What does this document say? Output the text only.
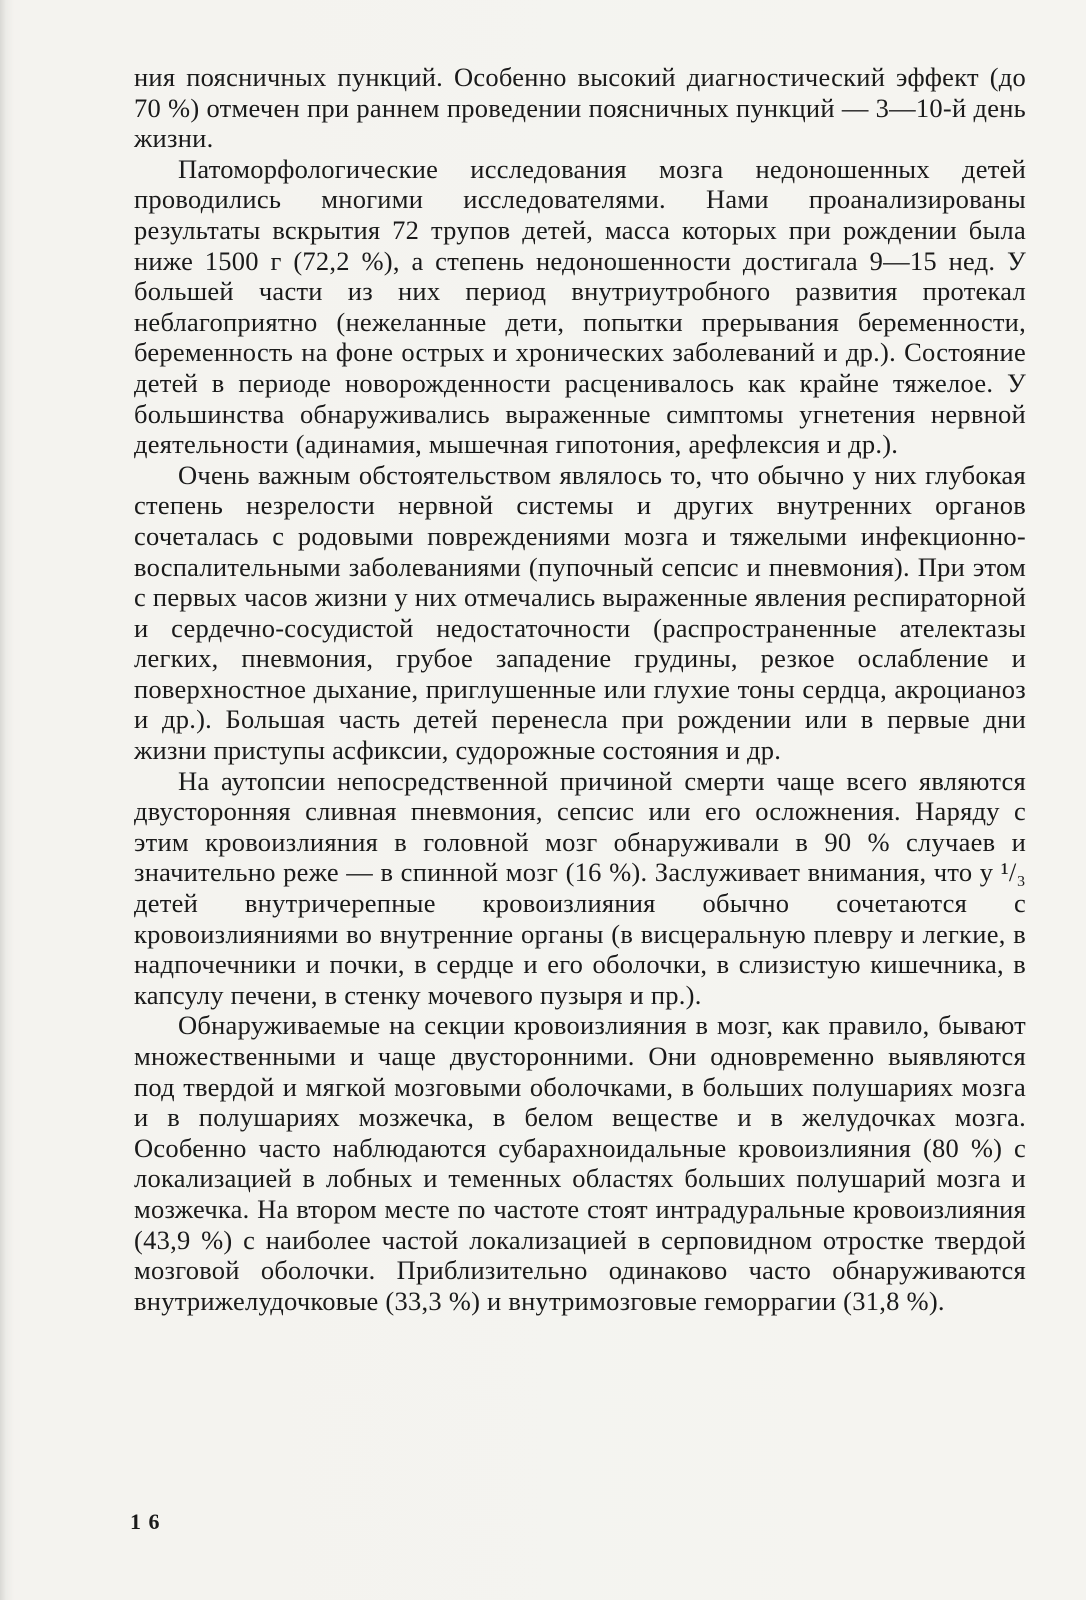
ния поясничных пункций. Особенно высокий диагностический эффект (до 70 %) отмечен при раннем проведении поясничных пункций — 3—10-й день жизни.

Патоморфологические исследования мозга недоношенных детей проводились многими исследователями. Нами проанализированы результаты вскрытия 72 трупов детей, масса которых при рождении была ниже 1500 г (72,2 %), а степень недоношенности достигала 9—15 нед. У большей части из них период внутриутробного развития протекал неблагоприятно (нежеланные дети, попытки прерывания беременности, беременность на фоне острых и хронических заболеваний и др.). Состояние детей в периоде новорожденности расценивалось как крайне тяжелое. У большинства обнаруживались выраженные симптомы угнетения нервной деятельности (адинамия, мышечная гипотония, арефлексия и др.).

Очень важным обстоятельством являлось то, что обычно у них глубокая степень незрелости нервной системы и других внутренних органов сочеталась с родовыми повреждениями мозга и тяжелыми инфекционно-воспалительными заболеваниями (пупочный сепсис и пневмония). При этом с первых часов жизни у них отмечались выраженные явления респираторной и сердечно-сосудистой недостаточности (распространенные ателектазы легких, пневмония, грубое западение грудины, резкое ослабление и поверхностное дыхание, приглушенные или глухие тоны сердца, акроцианоз и др.). Большая часть детей перенесла при рождении или в первые дни жизни приступы асфиксии, судорожные состояния и др.

На аутопсии непосредственной причиной смерти чаще всего являются двусторонняя сливная пневмония, сепсис или его осложнения. Наряду с этим кровоизлияния в головной мозг обнаруживали в 90 % случаев и значительно реже — в спинной мозг (16 %). Заслуживает внимания, что у ¹/₃ детей внутричерепные кровоизлияния обычно сочетаются с кровоизлияниями во внутренние органы (в висцеральную плевру и легкие, в надпочечники и почки, в сердце и его оболочки, в слизистую кишечника, в капсулу печени, в стенку мочевого пузыря и пр.).

Обнаруживаемые на секции кровоизлияния в мозг, как правило, бывают множественными и чаще двусторонними. Они одновременно выявляются под твердой и мягкой мозговыми оболочками, в больших полушариях мозга и в полушариях мозжечка, в белом веществе и в желудочках мозга. Особенно часто наблюдаются субарахноидальные кровоизлияния (80 %) с локализацией в лобных и теменных областях больших полушарий мозга и мозжечка. На втором месте по частоте стоят интрадуральные кровоизлияния (43,9 %) с наиболее частой локализацией в серповидном отростке твердой мозговой оболочки. Приблизительно одинаково часто обнаруживаются внутрижелудочковые (33,3 %) и внутримозговые геморрагии (31,8 %).

1 6
